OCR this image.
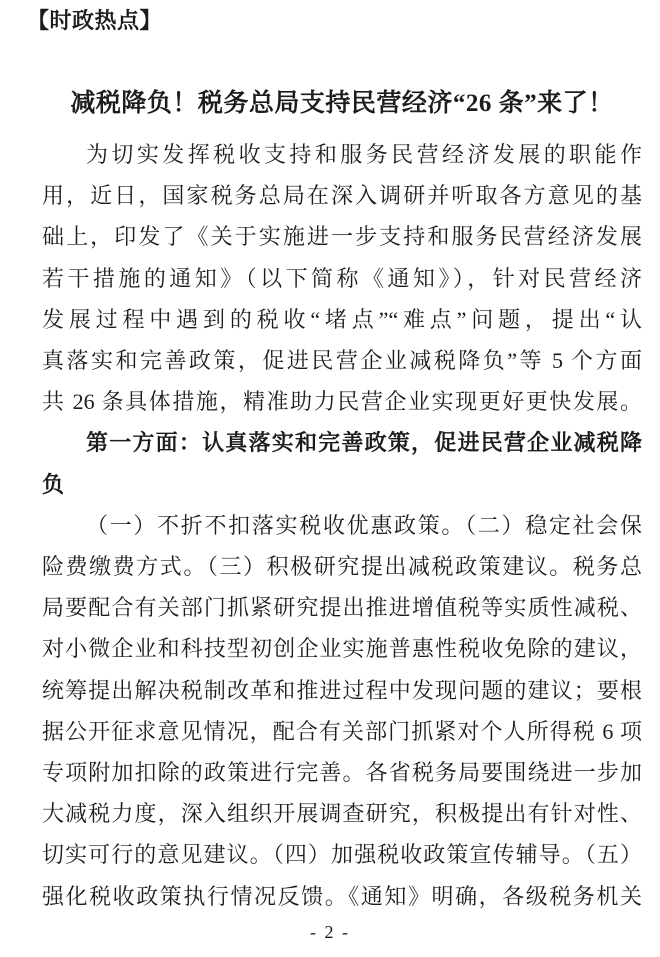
【时政热点】
减税降负！税务总局支持民营经济“26 条”来了！
为切实发挥税收支持和服务民营经济发展的职能作
用，近日，国家税务总局在深入调研并听取各方意见的基
础上，印发了《关于实施进一步支持和服务民营经济发展
若干措施的通知》（以下简称《通知》），针对民营经济
发展过程中遇到的税收“堵点”“难点”问题，提出“认
真落实和完善政策，促进民营企业减税降负”等 5 个方面
共 26 条具体措施，精准助力民营企业实现更好更快发展。
第一方面：认真落实和完善政策，促进民营企业减税降
负
（一）不折不扣落实税收优惠政策。（二）稳定社会保
险费缴费方式。（三）积极研究提出减税政策建议。税务总
局要配合有关部门抓紧研究提出推进增值税等实质性减税、
对小微企业和科技型初创企业实施普惠性税收免除的建议，
统筹提出解决税制改革和推进过程中发现问题的建议；要根
据公开征求意见情况，配合有关部门抓紧对个人所得税 6 项
专项附加扣除的政策进行完善。各省税务局要围绕进一步加
大减税力度，深入组织开展调查研究，积极提出有针对性、
切实可行的意见建议。（四）加强税收政策宣传辅导。（五）
强化税收政策执行情况反馈。《通知》明确，各级税务机关
- 2 -
